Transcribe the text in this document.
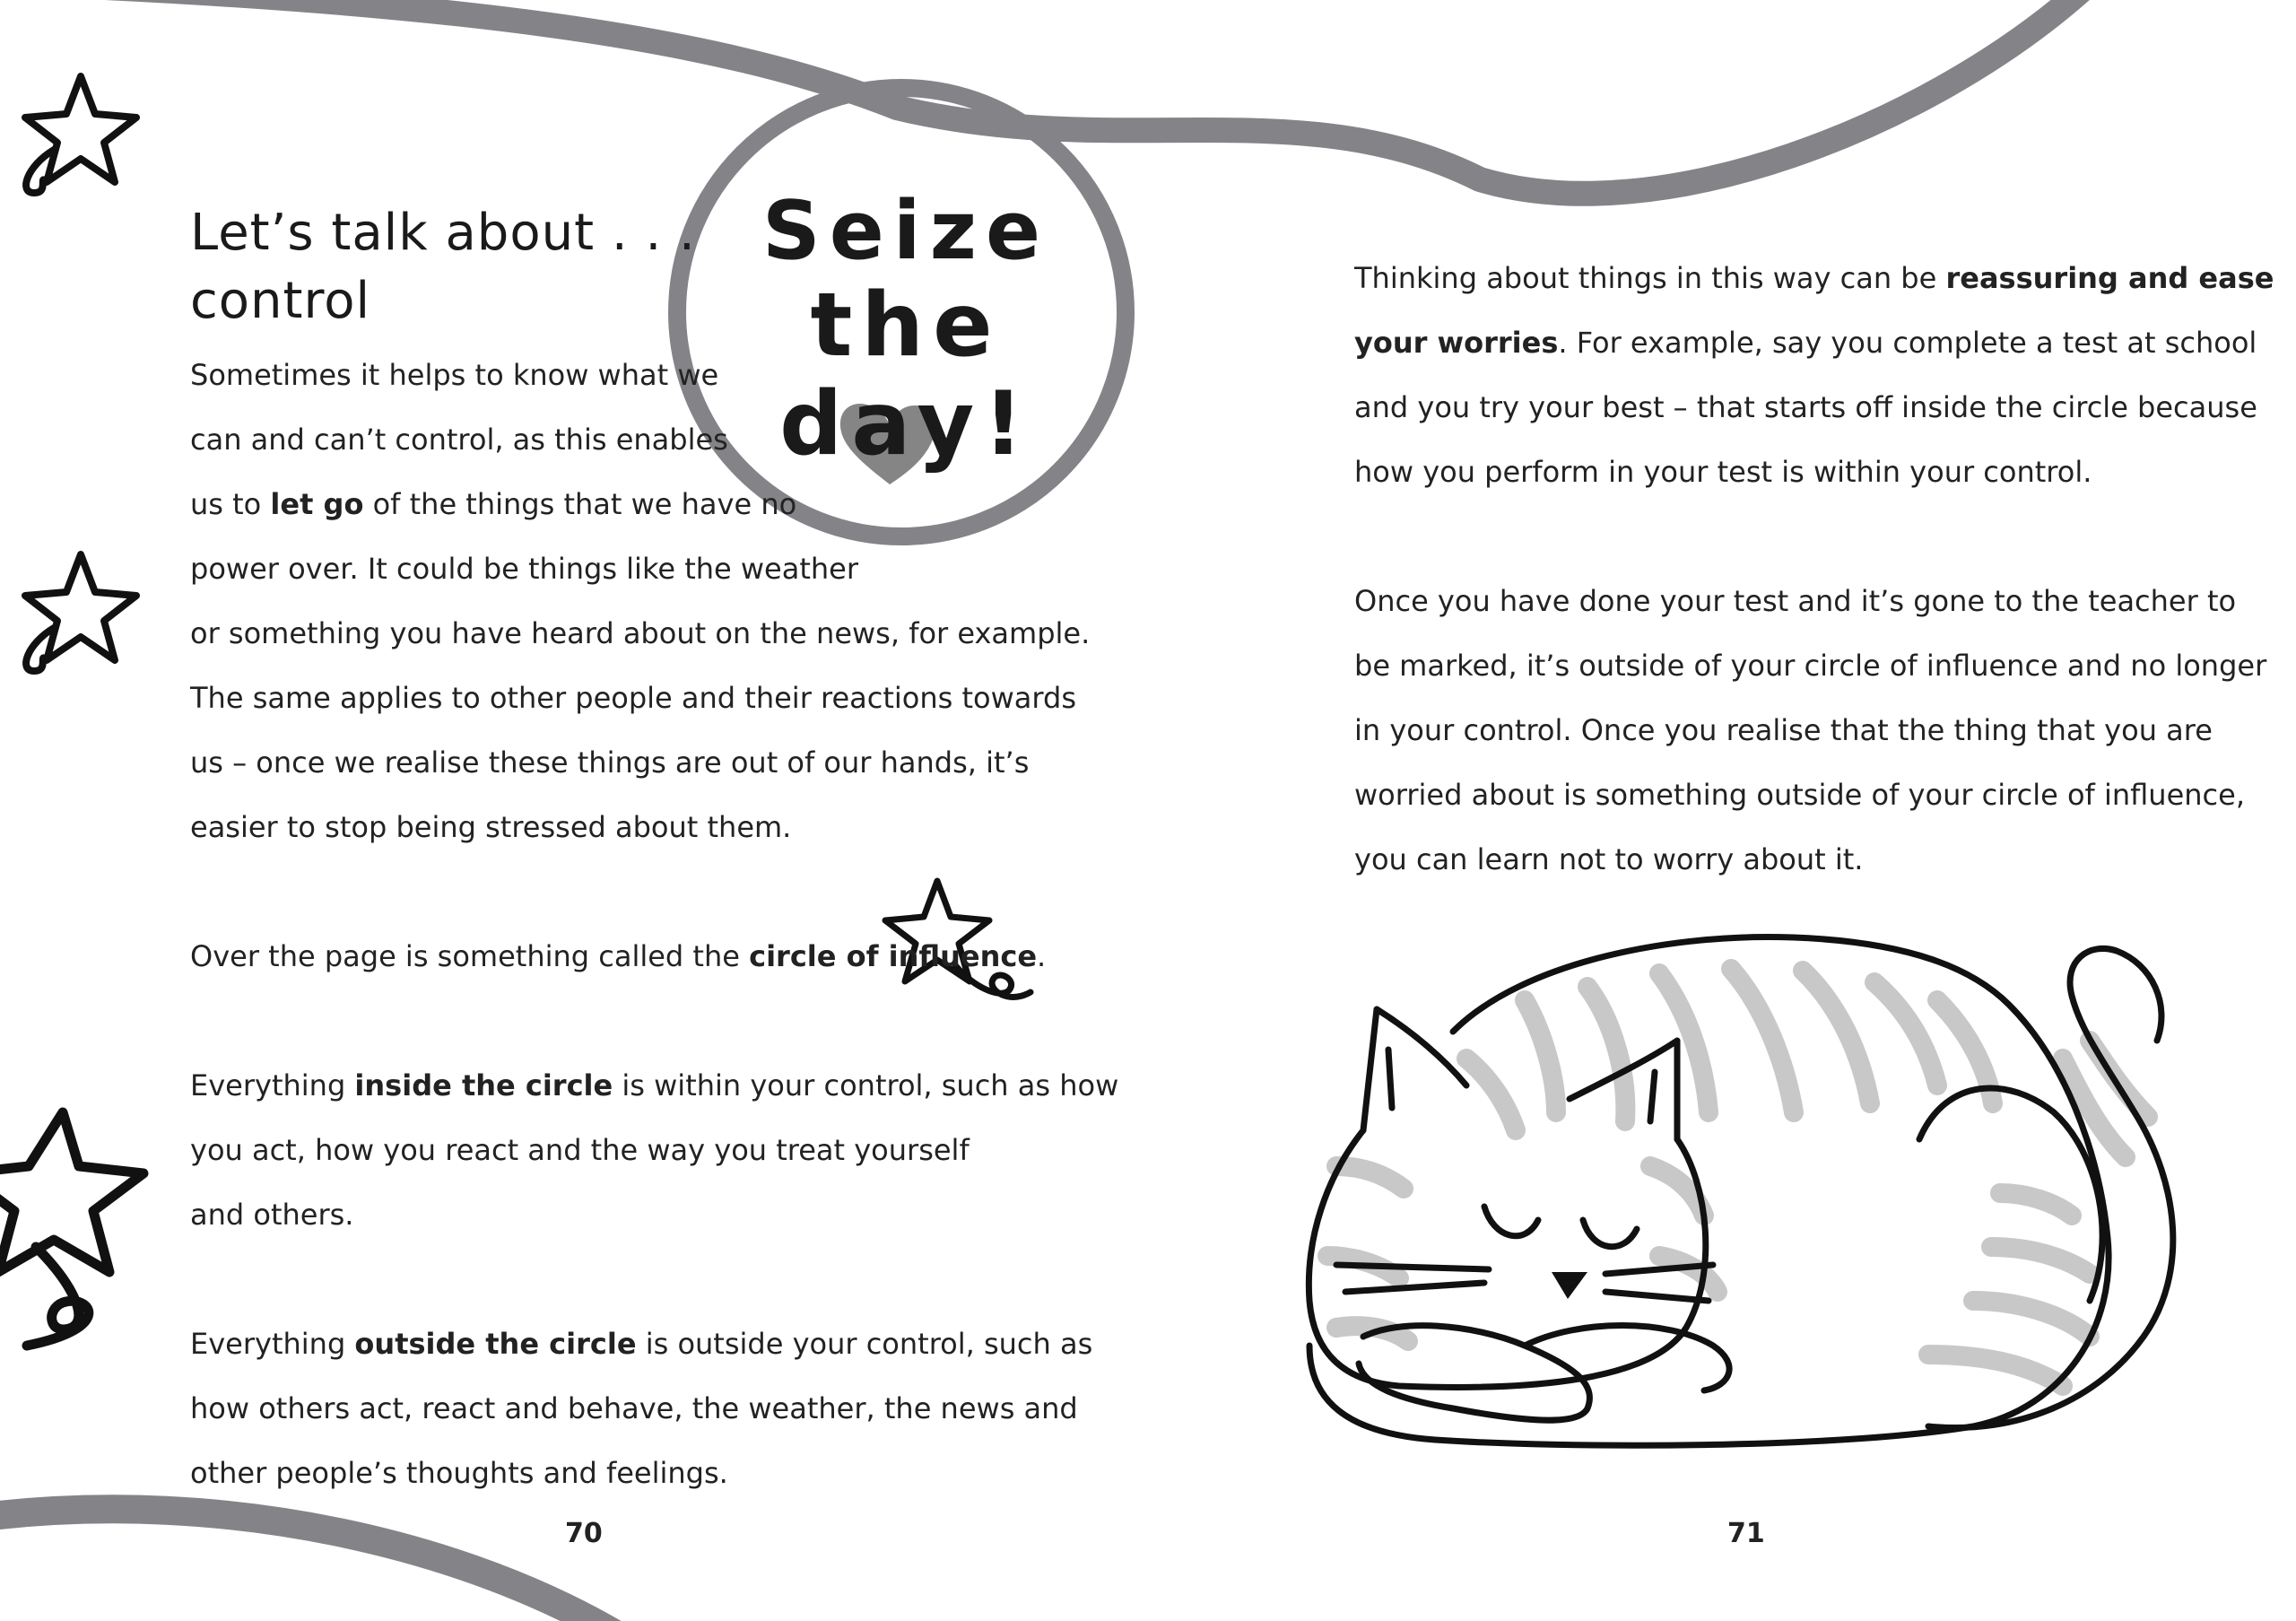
Let’s talk about . . .
control
Seize
the day!
Sometimes it helps to know what we
can and can’t control, as this enables
us to let go of the things that we have no
power over. It could be things like the weather
or something you have heard about on the news, for example.
The same applies to other people and their reactions towards
us – once we realise these things are out of our hands, it’s
easier to stop being stressed about them.
Over the page is something called the circle of influence.
Everything inside the circle is within your control, such as how
you act, how you react and the way you treat yourself
and others.
Everything outside the circle is outside your control, such as
how others act, react and behave, the weather, the news and
other people’s thoughts and feelings.
Thinking about things in this way can be reassuring and ease
your worries. For example, say you complete a test at school
and you try your best – that starts off inside the circle because
how you perform in your test is within your control.
Once you have done your test and it’s gone to the teacher to
be marked, it’s outside of your circle of influence and no longer
in your control. Once you realise that the thing that you are
worried about is something outside of your circle of influence,
you can learn not to worry about it.
70	71
